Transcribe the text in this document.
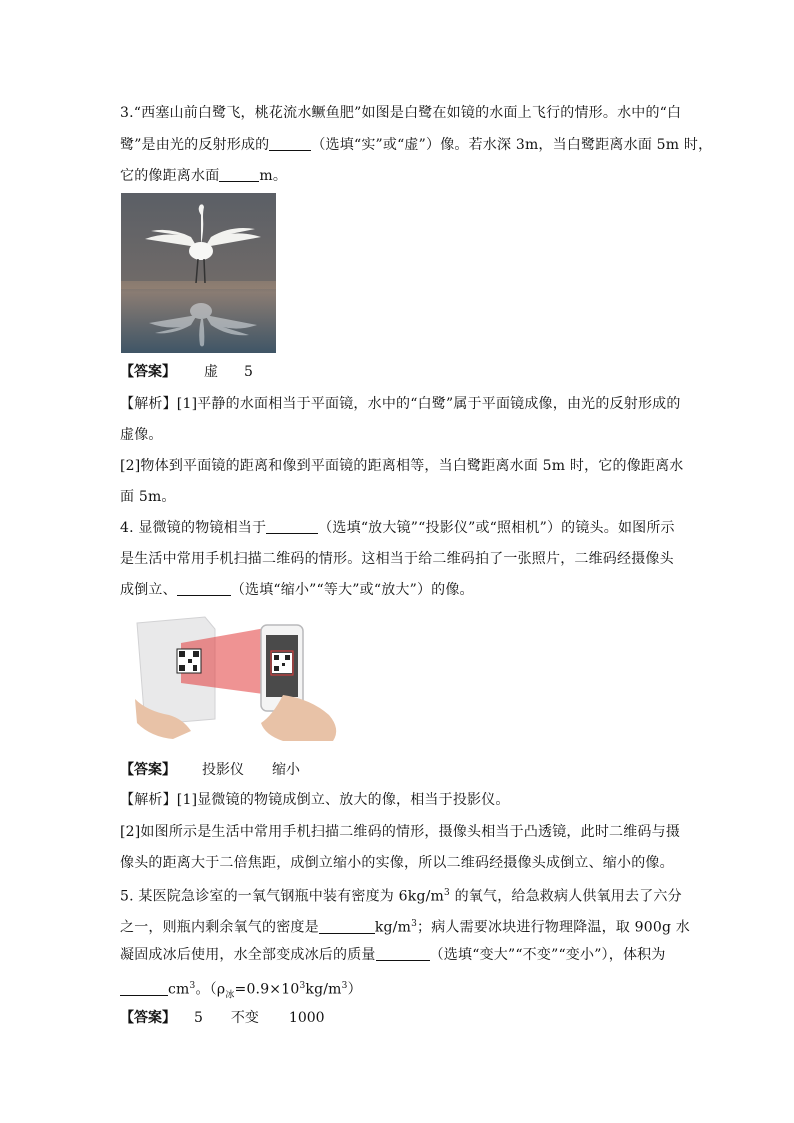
3.“西塞山前白鹭飞，桃花流水鳜鱼肥”如图是白鹭在如镜的水面上飞行的情形。水中的“白
鹭”是由光的反射形成的	（选填“实”或“虚”）像。若水深 3m，当白鹭距离水面 5m 时，
它的像距离水面	m。
【答案】 虚 5
【解析】[1]平静的水面相当于平面镜，水中的“白鹭”属于平面镜成像，由光的反射形成的
虚像。
[2]物体到平面镜的距离和像到平面镜的距离相等，当白鹭距离水面 5m 时，它的像距离水
面 5m。
4. 显微镜的物镜相当于	（选填“放大镜”“投影仪”或“照相机”）的镜头。如图所示
是生活中常用手机扫描二维码的情形。这相当于给二维码拍了一张照片，二维码经摄像头
成倒立、	（选填“缩小”“等大”或“放大”）的像。
【答案】 投影仪 缩小
【解析】[1]显微镜的物镜成倒立、放大的像，相当于投影仪。
[2]如图所示是生活中常用手机扫描二维码的情形，摄像头相当于凸透镜，此时二维码与摄
像头的距离大于二倍焦距，成倒立缩小的实像，所以二维码经摄像头成倒立、缩小的像。
5. 某医院急诊室的一氧气钢瓶中装有密度为 $6kg/m^3$ 的氧气，给急救病人供氧用去了六分
之一，则瓶内剩余氧气的密度是	$kg/m^3$；病人需要冰块进行物理降温，取 900g 水
凝固成冰后使用，水全部变成冰后的质量	（选填“变大”“不变”“变小”），体积为
$cm^3$。$(\rho_冰=0.9\times 10^3kg/m^3)$
【答案】 5 不变 1000
